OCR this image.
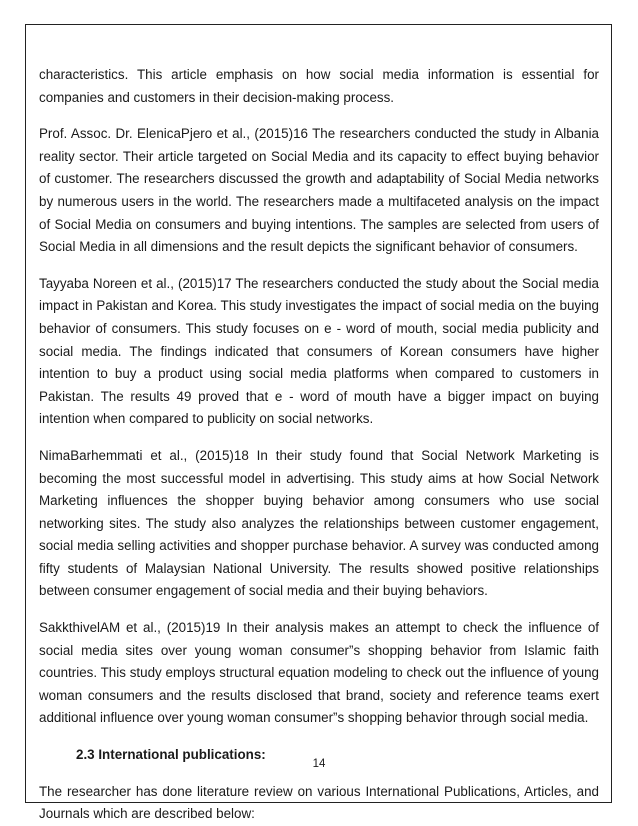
characteristics. This article emphasis on how social media information is essential for companies and customers in their decision-making process.

Prof. Assoc. Dr. ElenicaPjero et al., (2015)16 The researchers conducted the study in Albania reality sector. Their article targeted on Social Media and its capacity to effect buying behavior of customer. The researchers discussed the growth and adaptability of Social Media networks by numerous users in the world. The researchers made a multifaceted analysis on the impact of Social Media on consumers and buying intentions. The samples are selected from users of Social Media in all dimensions and the result depicts the significant behavior of consumers.

Tayyaba Noreen et al., (2015)17 The researchers conducted the study about the Social media impact in Pakistan and Korea. This study investigates the impact of social media on the buying behavior of consumers. This study focuses on e - word of mouth, social media publicity and social media. The findings indicated that consumers of Korean consumers have higher intention to buy a product using social media platforms when compared to customers in Pakistan. The results 49 proved that e - word of mouth have a bigger impact on buying intention when compared to publicity on social networks.

NimaBarhemmati et al., (2015)18 In their study found that Social Network Marketing is becoming the most successful model in advertising. This study aims at how Social Network Marketing influences the shopper buying behavior among consumers who use social networking sites. The study also analyzes the relationships between customer engagement, social media selling activities and shopper purchase behavior. A survey was conducted among fifty students of Malaysian National University. The results showed positive relationships between consumer engagement of social media and their buying behaviors.

SakkthivelAM et al., (2015)19 In their analysis makes an attempt to check the influence of social media sites over young woman consumer”s shopping behavior from Islamic faith countries. This study employs structural equation modeling to check out the influence of young woman consumers and the results disclosed that brand, society and reference teams exert additional influence over young woman consumer”s shopping behavior through social media.

2.3 International publications:

The researcher has done literature review on various International Publications, Articles, and Journals which are described below:

14
